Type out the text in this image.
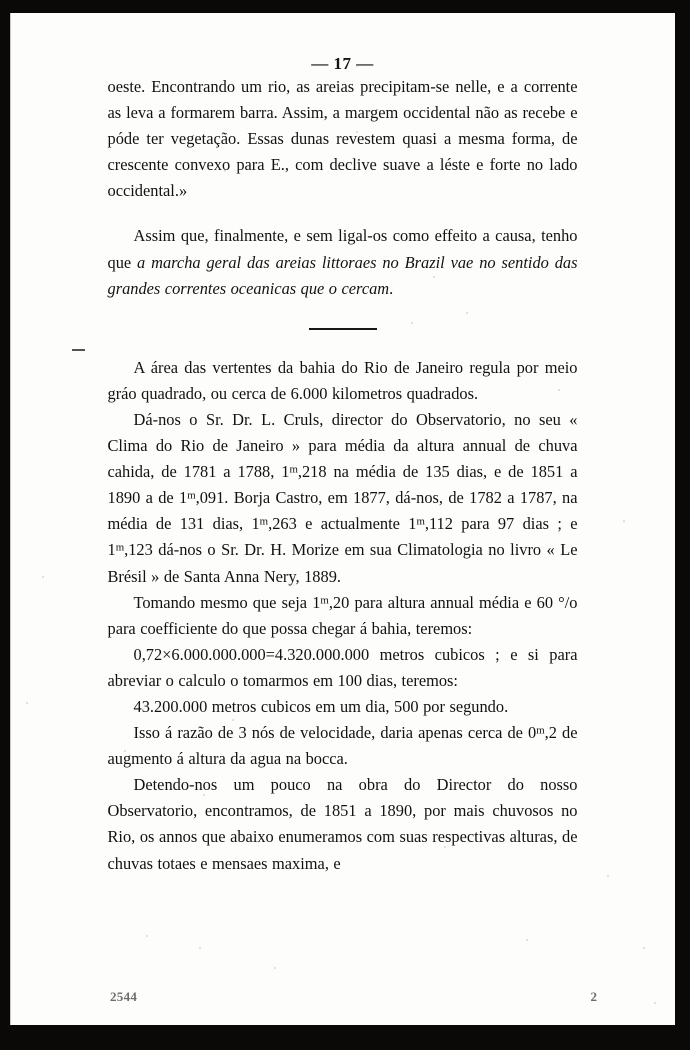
— 17 —

oeste. Encontrando um rio, as areias precipitam-se nelle, e a corrente as leva a formarem barra. Assim, a margem occidental não as recebe e póde ter vegetação. Essas dunas revestem quasi a mesma forma, de crescente convexo para E., com declive suave a léste e forte no lado occidental.»

Assim que, finalmente, e sem ligal-os como effeito a causa, tenho que a marcha geral das areias littoraes no Brazil vae no sentido das grandes correntes oceanicas que o cercam.

A área das vertentes da bahia do Rio de Janeiro regula por meio gráo quadrado, ou cerca de 6.000 kilometros quadrados.

Dá-nos o Sr. Dr. L. Cruls, director do Observatorio, no seu « Clima do Rio de Janeiro » para média da altura annual de chuva cahida, de 1781 a 1788, 1$^m$,218 na média de 135 dias, e de 1851 a 1890 a de 1$^m$,091. Borja Castro, em 1877, dá-nos, de 1782 a 1787, na média de 131 dias, 1$^m$,263 e actualmente 1$^m$,112 para 97 dias ; e 1$^m$,123 dá-nos o Sr. Dr. H. Morize em sua Climatologia no livro « Le Brésil » de Santa Anna Nery, 1889.

Tomando mesmo que seja 1$^m$,20 para altura annual média e 60 °/o para coefficiente do que possa chegar á bahia, teremos:

0,72×6.000.000.000=4.320.000.000 metros cubicos ; e si para abreviar o calculo o tomarmos em 100 dias, teremos:

43.200.000 metros cubicos em um dia, 500 por segundo.

Isso á razão de 3 nós de velocidade, daria apenas cerca de 0$^m$,2 de augmento á altura da agua na bocca.

Detendo-nos um pouco na obra do Director do nosso Observatorio, encontramos, de 1851 a 1890, por mais chuvosos no Rio, os annos que abaixo enumeramos com suas respectivas alturas, de chuvas totaes e mensaes maxima, e

2544	2
